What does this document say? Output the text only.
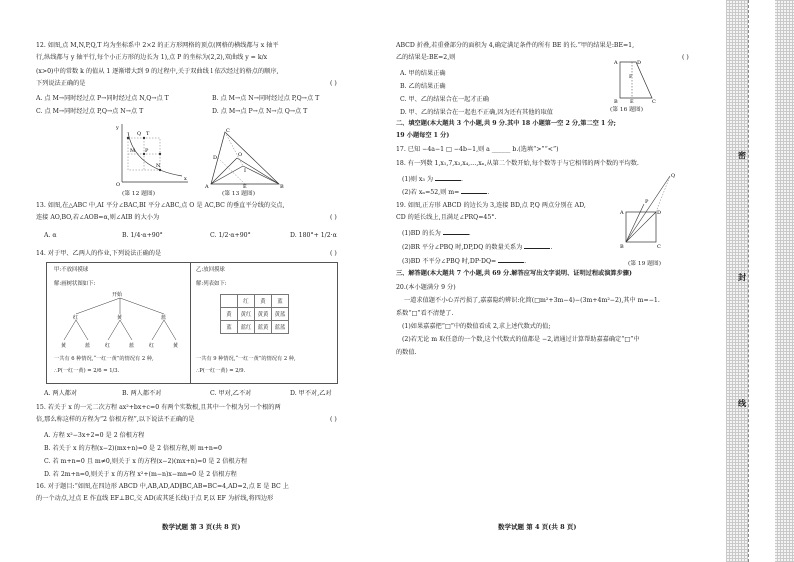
12. 如图,点 M,N,P,Q,T 均为坐标系中 2×2 的正方形网格的顶点(网格的横线都与 x 轴平
行,纵线都与 y 轴平行,每个小正方形的边长为 1),点 P 的坐标为(2,2),双曲线 y = k/x
(x>0)中的常数 k 的值从 1 逐渐增大到 9 的过程中,关于双曲线 l 依次经过的格点的顺序,
下列说法正确的是	( )
A. 点 M→同时经过点 P→同时经过点 N,Q→点 T	B. 点 M→点 N→同时经过点 P,Q→点 T
C. 点 M→同时经过点 P,Q→点 N→点 T	D. 点 M→点 P→点 N→点 Q→点 T
y
Q T
M P
N
O
x
(第 12 题图)
C
D
A
O
B
I
E
(第 13 题图)
13. 如图,在△ABC 中,AI 平分∠BAC,BI 平分∠ABC,点 O 是 AC,BC 的垂直平分线的交点,
连接 AO,BO,若∠AOB=α,则∠AIB 的大小为	( )
A. α	B. 1/4·α+90°	C. 1/2·α+90°	D. 180°+ 1/2·α
14. 对于甲、乙两人的作业,下列说法正确的是	( )
甲:不放回摸球
解:画树状图如下:
开始
红	黄	蓝
黄	蓝	红	蓝	红	黄
一共有 6 种情况,“一红一黄”的情况有 2 种,
∴P(一红一黄) = 2/6 = 1/3.
乙:放回摸球
解:列表如下:
	红	黄	蓝
黄	黄红	黄黄	黄蓝
蓝	蓝红	蓝黄	蓝蓝
一共有 9 种情况,“一红一黄”的情况有 2 种,
∴P(一红一黄) = 2/9.
A. 两人都对	B. 两人都不对	C. 甲对,乙不对	D. 甲不对,乙对
15. 若关于 x 的一元二次方程 ax²+bx+c=0 有两个实数根,且其中一个根为另一个根的两
倍,那么称这样的方程为“2 倍根方程”,以下说法不正确的是	( )
A. 方程 x²−3x+2=0 是 2 倍根方程
B. 若关于 x 的方程(x−2)(mx+n)=0 是 2 倍根方程,则 m+n=0
C. 若 m+n=0 且 m≠0,则关于 x 的方程(x−2)(mx+n)=0 是 2 倍根方程
D. 若 2m+n=0,则关于 x 的方程 x²+(m−n)x−mn=0 是 2 倍根方程
16. 对于题目:“如图,在四边形 ABCD 中,AB,AD,AD∥BC,AB=BC=4,AD=2,点 E 是 BC 上
的一个动点,过点 E 作直线 EF⊥BC,交 AD(或其延长线)于点 F,以 EF 为折线,将四边形
数学试题 第 3 页(共 8 页)
ABCD 折叠,若重叠部分的面积为 4,确定满足条件的所有 BE 的长.”甲的结果是:BE=1,
乙的结果是:BE=2,则	( )
A. 甲的结果正确
B. 乙的结果正确
C. 甲、乙的结果合在一起才正确
D. 甲、乙的结果合在一起也不正确,因为还有其他的取值
A	D
F
B E	C
(第 16 题图)
二、填空题(本大题共 3 个小题,共 9 分.其中 18 小题第一空 2 分,第二空 1 分;
19 小题每空 1 分)
17. 已知 −4a−1 □ −4b−1,则 a ______ b.(选填“>”“<”)
18. 有一列数 1,x₁,7,x₃,x₄,…,xₙ,从第二个数开始,每个数等于与它相邻的两个数的平均数.
(1)则 x₃ 为	.
(2)若 xₙ=52,则 m=	.
19. 如图,正方形 ABCD 的边长为 3,连接 BD,点 P,Q 两点分别在 AD,
CD 的延长线上,且满足∠PRQ=45°.
(1)BD 的长为	.
(2)BR 平分∠PBQ 时,DP,DQ 的数量关系为	.
(3)BD 不平分∠PBQ 时,DP·DQ=	.
Q
P
A	D
B	C
(第 19 题图)
三、解答题(本大题共 7 个小题,共 69 分.解答应写出文字说明、证明过程或演算步骤)
20.(本小题满分 9 分)
一道求值题不小心弄污损了,嘉嘉隐约辨识:化简(□m²+3m−4)−(3m+4m²−2),其中 m=−1.
系数“□”看不清楚了.
(1)如果嘉嘉把“□”中的数值看成 2,求上述代数式的值;
(2)若无论 m 取任意的一个数,这个代数式的值都是 −2,请通过计算帮助嘉嘉确定“□”中
的数值.
数学试题 第 4 页(共 8 页)
密
封
线
